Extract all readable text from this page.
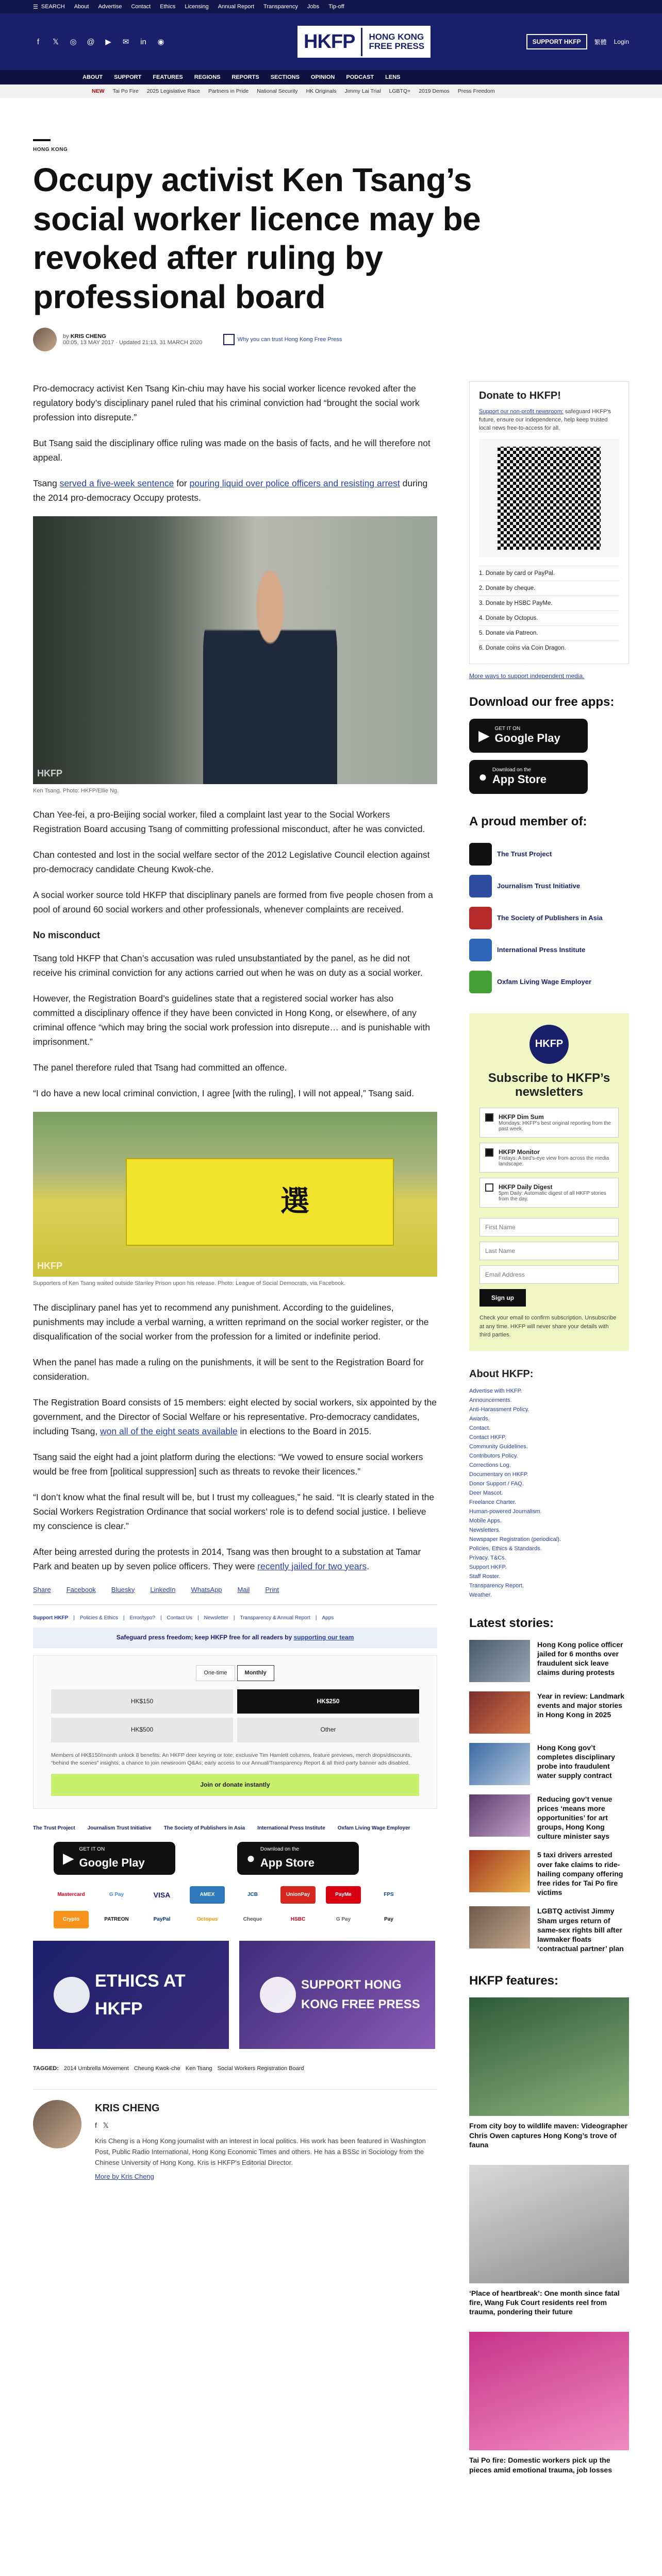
☰ SEARCH About Advertise Contact Ethics Licensing Annual Report Transparency Jobs Tip-off
f	𝕏 ◎ @ ▶ ✉ in ◉	HKFP	HONG KONG
FREE PRESS	SUPPORT HKFP	繁體 Login
ABOUT SUPPORT FEATURES REGIONS REPORTS SECTIONS OPINION PODCAST LENS
NEW Tai Po Fire 2025 Legislative Race Partners in Pride National Security HK Originals Jimmy Lai Trial LGBTQ+ 2019 Demos Press Freedom
HONG KONG
Occupy activist Ken Tsang’s social worker licence may be revoked after ruling by professional board
by KRIS CHENG
00:05, 13 MAY 2017 · Updated 21:13, 31 MARCH 2020	Why you can trust Hong Kong Free Press

Pro-democracy activist Ken Tsang Kin-chiu may have his social worker licence revoked after the regulatory body’s disciplinary panel ruled that his criminal conviction had “brought the social work profession into disrepute.”

But Tsang said the disciplinary office ruling was made on the basis of facts, and he will therefore not appeal.

Tsang served a five-week sentence for pouring liquid over police officers and resisting arrest during the 2014 pro-democracy Occupy protests.

HKFP
Ken Tsang. Photo: HKFP/Ellie Ng.

Chan Yee-fei, a pro-Beijing social worker, filed a complaint last year to the Social Workers Registration Board accusing Tsang of committing professional misconduct, after he was convicted.

Chan contested and lost in the social welfare sector of the 2012 Legislative Council election against pro-democracy candidate Cheung Kwok-che.

A social worker source told HKFP that disciplinary panels are formed from five people chosen from a pool of around 60 social workers and other professionals, whenever complaints are received.

No misconduct

Tsang told HKFP that Chan’s accusation was ruled unsubstantiated by the panel, as he did not receive his criminal conviction for any actions carried out when he was on duty as a social worker.

However, the Registration Board’s guidelines state that a registered social worker has also committed a disciplinary offence if they have been convicted in Hong Kong, or elsewhere, of any criminal offence “which may bring the social work profession into disrepute… and is punishable with imprisonment.”

The panel therefore ruled that Tsang had committed an offence.

“I do have a new local criminal conviction, I agree [with the ruling], I will not appeal,” Tsang said.

選
HKFP
Supporters of Ken Tsang waited outside Stanley Prison upon his release. Photo: League of Social Democrats, via Facebook.

The disciplinary panel has yet to recommend any punishment. According to the guidelines, punishments may include a verbal warning, a written reprimand on the social worker register, or the disqualification of the social worker from the profession for a limited or indefinite period.

When the panel has made a ruling on the punishments, it will be sent to the Registration Board for consideration.

The Registration Board consists of 15 members: eight elected by social workers, six appointed by the government, and the Director of Social Welfare or his representative. Pro-democracy candidates, including Tsang, won all of the eight seats available in elections to the Board in 2015.

Tsang said the eight had a joint platform during the elections: “We vowed to ensure social workers would be free from [political suppression] such as threats to revoke their licences.”

“I don’t know what the final result will be, but I trust my colleagues,” he said. “It is clearly stated in the Social Workers Registration Ordinance that social workers’ role is to defend social justice. I believe my conscience is clear.”

After being arrested during the protests in 2014, Tsang was then brought to a substation at Tamar Park and beaten up by seven police officers. They were recently jailed for two years.

Share Facebook Bluesky LinkedIn WhatsApp Mail Print
Support HKFP | Policies & Ethics | Error/typo? | Contact Us | Newsletter | Transparency & Annual Report | Apps
Safeguard press freedom; keep HKFP free for all readers by supporting our team
One-time	Monthly
HK$150	HK$250
HK$500	Other
Members of HK$150/month unlock 8 benefits: An HKFP deer keyring or tote; exclusive Tim Hamlett columns, feature previews, merch drops/discounts, “behind the scenes” insights; a chance to join newsroom Q&As; early access to our Annual/Transparency Report & all third-party banner ads disabled.
Join or donate instantly
The Trust Project Journalism Trust Initiative The Society of Publishers in Asia International Press Institute Oxfam Living Wage Employer
▶
GET IT ON
Google Play	●
Download on the
App Store
Mastercard	G Pay	VISA	AMEX	JCB	UnionPay	PayMe	FPS
Crypto	PATREON	PayPal	Octopus	Cheque	HSBC	G Pay	Pay
ETHICS AT HKFP
SUPPORT HONG KONG FREE PRESS
TAGGED: 2014 Umbrella Movement Cheung Kwok-che Ken Tsang Social Workers Registration Board
KRIS CHENG
f 𝕏
Kris Cheng is a Hong Kong journalist with an interest in local politics. His work has been featured in Washington Post, Public Radio International, Hong Kong Economic Times and others. He has a BSSc in Sociology from the Chinese University of Hong Kong. Kris is HKFP's Editorial Director.
More by Kris Cheng
Donate to HKFP!

Support our non-profit newsroom: safeguard HKFP's future, ensure our independence, help keep trusted local news free-to-access for all.

1. Donate by card or PayPal.
2. Donate by cheque.
3. Donate by HSBC PayMe.
4. Donate by Octopus.
5. Donate via Patreon.
6. Donate coins via Coin Dragon.
More ways to support independent media.
Download our free apps:
▶ GET IT ON
Google Play
● Download on the
App Store
A proud member of:
The Trust Project
Journalism Trust Initiative
The Society of Publishers in Asia
International Press Institute
Oxfam Living Wage Employer
HKFP
Subscribe to HKFP’s newsletters
HKFP Dim Sum
Mondays: HKFP's best original reporting from the past week.
HKFP Monitor
Fridays: A bird's-eye view from across the media landscape.
HKFP Daily Digest
5pm Daily: Automatic digest of all HKFP stories from the day.
First Name
Last Name
Email Address
Sign up
Check your email to confirm subscription. Unsubscribe at any time. HKFP will never share your details with third parties.
About HKFP:
Advertise with HKFP.
Announcements.
Anti-Harassment Policy.
Awards.
Contact.
Contact HKFP.
Community Guidelines.
Contributors Policy.
Corrections Log.
Documentary on HKFP.
Donor Support / FAQ.
Deer Mascot.
Freelance Charter.
Human-powered Journalism.
Mobile Apps.
Newsletters.
Newspaper Registration (periodical).
Policies, Ethics & Standards.
Privacy, T&Cs.
Support HKFP.
Staff Roster.
Transparency Report.
Weather.
Latest stories:
Hong Kong police officer jailed for 6 months over fraudulent sick leave claims during protests
Year in review: Landmark events and major stories in Hong Kong in 2025
Hong Kong gov’t completes disciplinary probe into fraudulent water supply contract
Reducing gov’t venue prices ‘means more opportunities’ for art groups, Hong Kong culture minister says
5 taxi drivers arrested over fake claims to ride-hailing company offering free rides for Tai Po fire victims
LGBTQ activist Jimmy Sham urges return of same-sex rights bill after lawmaker floats ‘contractual partner’ plan
HKFP features:
From city boy to wildlife maven: Videographer Chris Owen captures Hong Kong’s trove of fauna
‘Place of heartbreak’: One month since fatal fire, Wang Fuk Court residents reel from trauma, pondering their future
Tai Po fire: Domestic workers pick up the pieces amid emotional trauma, job losses
